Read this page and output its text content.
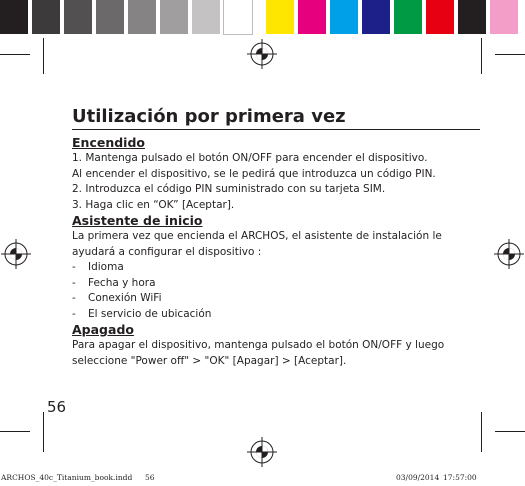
Utilización por primera vez
Encendido

1. Mantenga pulsado el botón ON/OFF para encender el dispositivo.

Al encender el dispositivo, se le pedirá que introduzca un código PIN.

2. Introduzca el código PIN suministrado con su tarjeta SIM.

3. Haga clic en “OK” [Aceptar].

Asistente de inicio

La primera vez que encienda el ARCHOS, el asistente de instalación le ayudará a configurar el dispositivo :

-	Idioma
-	Fecha y hora
-	Conexión WiFi
-	El servicio de ubicación
Apagado

Para apagar el dispositivo, mantenga pulsado el botón ON/OFF y luego seleccione "Power off" > "OK" [Apagar] > [Aceptar].

56
ARCHOS_40c_Titanium_book.indd 56	03/09/2014 17:57:00
